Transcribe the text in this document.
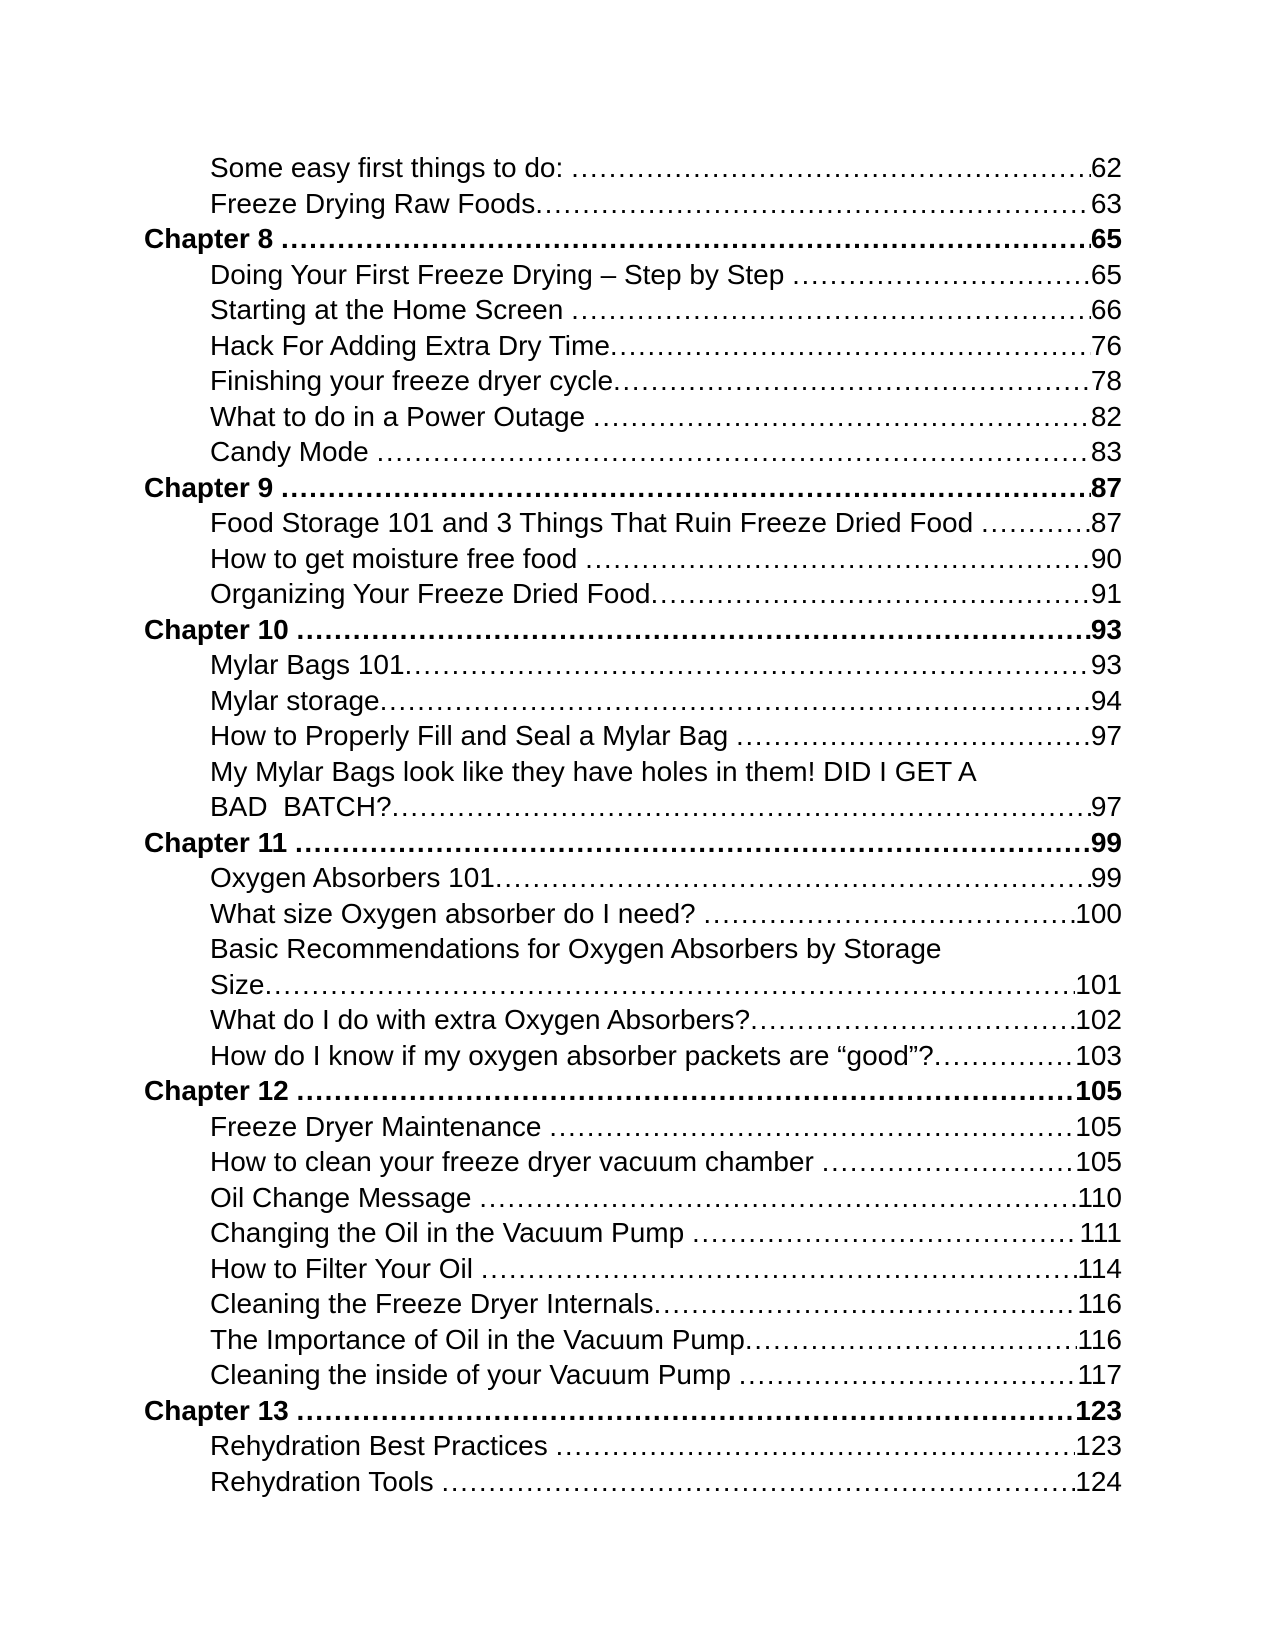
Some easy first things to do: .....	62
Freeze Drying Raw Foods .....	63
Chapter 8 .....	65
Doing Your First Freeze Drying – Step by Step .....	65
Starting at the Home Screen .....	66
Hack For Adding Extra Dry Time .....	76
Finishing your freeze dryer cycle .....	78
What to do in a Power Outage .....	82
Candy Mode .....	83
Chapter 9 .....	87
Food Storage 101 and 3 Things That Ruin Freeze Dried Food .....	87
How to get moisture free food .....	90
Organizing Your Freeze Dried Food .....	91
Chapter 10 .....	93
Mylar Bags 101 .....	93
Mylar storage .....	94
How to Properly Fill and Seal a Mylar Bag .....	97
My Mylar Bags look like they have holes in them! DID I GET A
BAD  BATCH? .....	97
Chapter 11 .....	99
Oxygen Absorbers 101 .....	99
What size Oxygen absorber do I need? .....	100
Basic Recommendations for Oxygen Absorbers by Storage
Size .....	101
What do I do with extra Oxygen Absorbers? .....	102
How do I know if my oxygen absorber packets are “good”? .....	103
Chapter 12 .....	105
Freeze Dryer Maintenance .....	105
How to clean your freeze dryer vacuum chamber .....	105
Oil Change Message .....	110
Changing the Oil in the Vacuum Pump .....	111
How to Filter Your Oil .....	114
Cleaning the Freeze Dryer Internals .....	116
The Importance of Oil in the Vacuum Pump .....	116
Cleaning the inside of your Vacuum Pump .....	117
Chapter 13 .....	123
Rehydration Best Practices .....	123
Rehydration Tools .....	124
